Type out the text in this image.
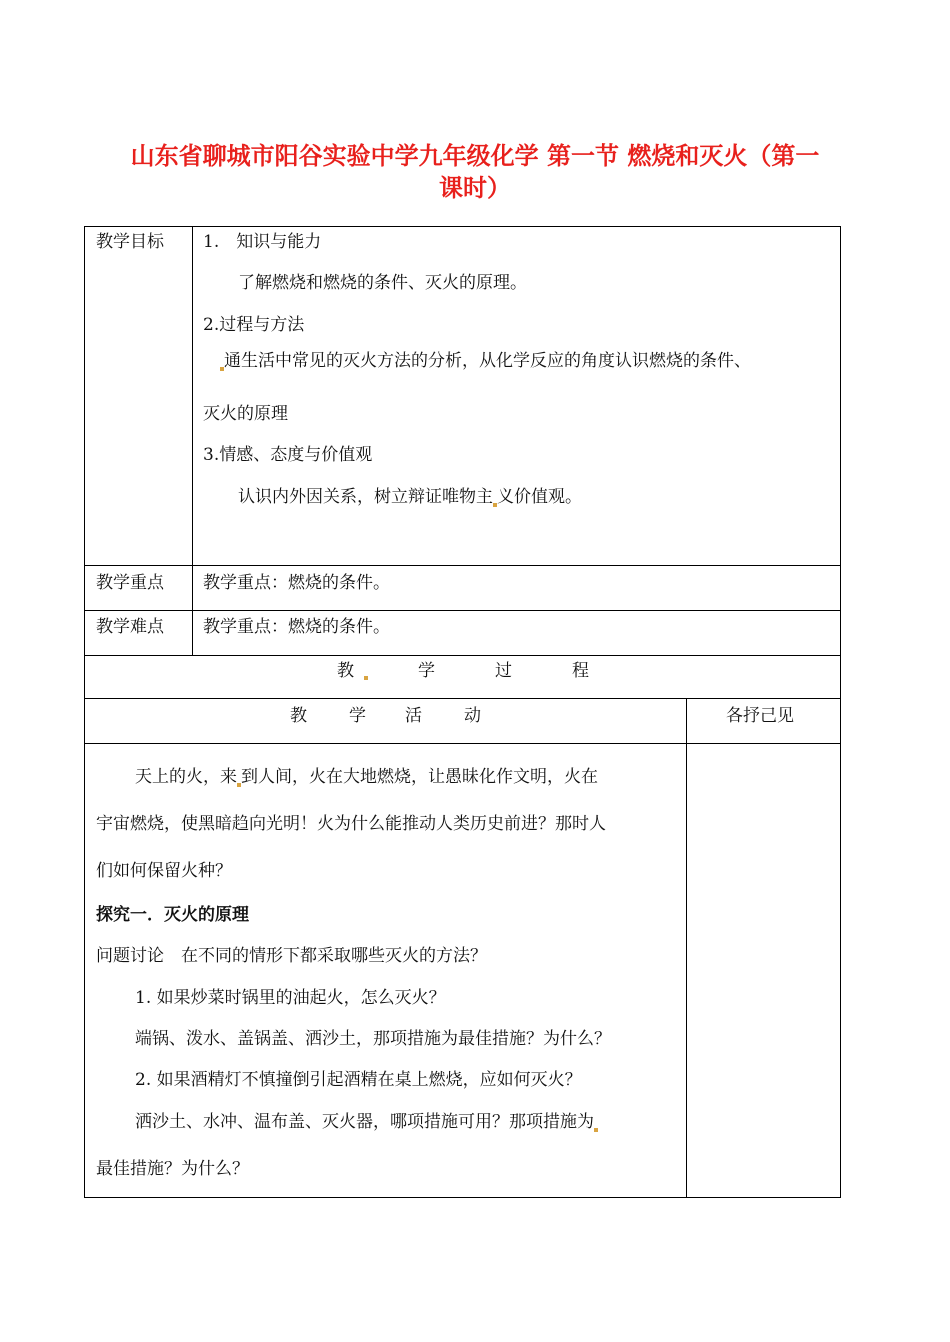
山东省聊城市阳谷实验中学九年级化学 第一节 燃烧和灭火（第一
课时）
教学目标 1.　知识与能力
了解燃烧和燃烧的条件、灭火的原理。
2.过程与方法
通生活中常见的灭火方法的分析，从化学反应的角度认识燃烧的条件、
灭火的原理
3.情感、态度与价值观
认识内外因关系，树立辩证唯物主 义价值观。
教学重点 教学重点：燃烧的条件。
教学难点 教学重点：燃烧的条件。
教	学	过	程
教 学 活 动	各抒己见
天上的火，来 到人间，火在大地燃烧，让愚昧化作文明，火在
宇宙燃烧，使黑暗趋向光明！火为什么能推动人类历史前进？那时人
们如何保留火种？
探究一．灭火的原理
问题讨论　在不同的情形下都采取哪些灭火的方法？
1. 如果炒菜时锅里的油起火，怎么灭火？
端锅、泼水、盖锅盖、洒沙土，那项措施为最佳措施？为什么？
2. 如果酒精灯不慎撞倒引起酒精在桌上燃烧，应如何灭火？
洒沙土、水冲、温布盖、灭火器，哪项措施可用？那项措施为
最佳措施？为什么？
